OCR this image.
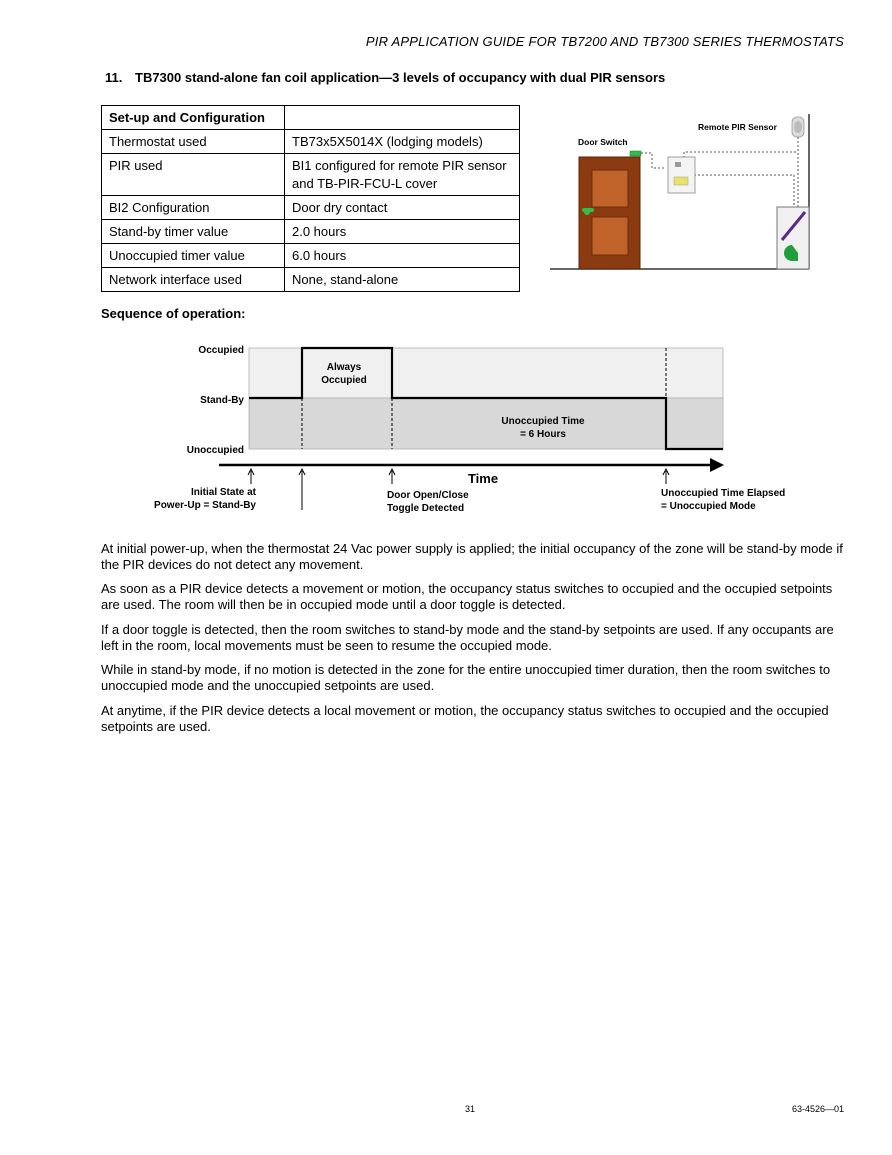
PIR APPLICATION GUIDE FOR TB7200 AND TB7300 SERIES THERMOSTATS
11. TB7300 stand-alone fan coil application—3 levels of occupancy with dual PIR sensors
Set-up and Configuration	
Thermostat used	TB73x5X5014X (lodging models)
PIR used	BI1 configured for remote PIR sensor and TB-PIR-FCU-L cover
BI2 Configuration	Door dry contact
Stand-by timer value	2.0 hours
Unoccupied timer value	6.0 hours
Network interface used	None, stand-alone
Remote PIR Sensor
Door Switch
Sequence of operation:
Occupied
Stand-By
Unoccupied
Always
Occupied
Unoccupied Time
= 6 Hours
Time
Initial State at
Power-Up = Stand-By
Door Open/Close
Toggle Detected
Unoccupied Time Elapsed
= Unoccupied Mode

At initial power-up, when the thermostat 24 Vac power supply is applied; the initial occupancy of the zone will be stand-by mode if the PIR devices do not detect any movement.

As soon as a PIR device detects a movement or motion, the occupancy status switches to occupied and the occupied setpoints are used. The room will then be in occupied mode until a door toggle is detected.

If a door toggle is detected, then the room switches to stand-by mode and the stand-by setpoints are used. If any occupants are left in the room, local movements must be seen to resume the occupied mode.

While in stand-by mode, if no motion is detected in the zone for the entire unoccupied timer duration, then the room switches to unoccupied mode and the unoccupied setpoints are used.

At anytime, if the PIR device detects a local movement or motion, the occupancy status switches to occupied and the occupied setpoints are used.

31	63-4526—01
